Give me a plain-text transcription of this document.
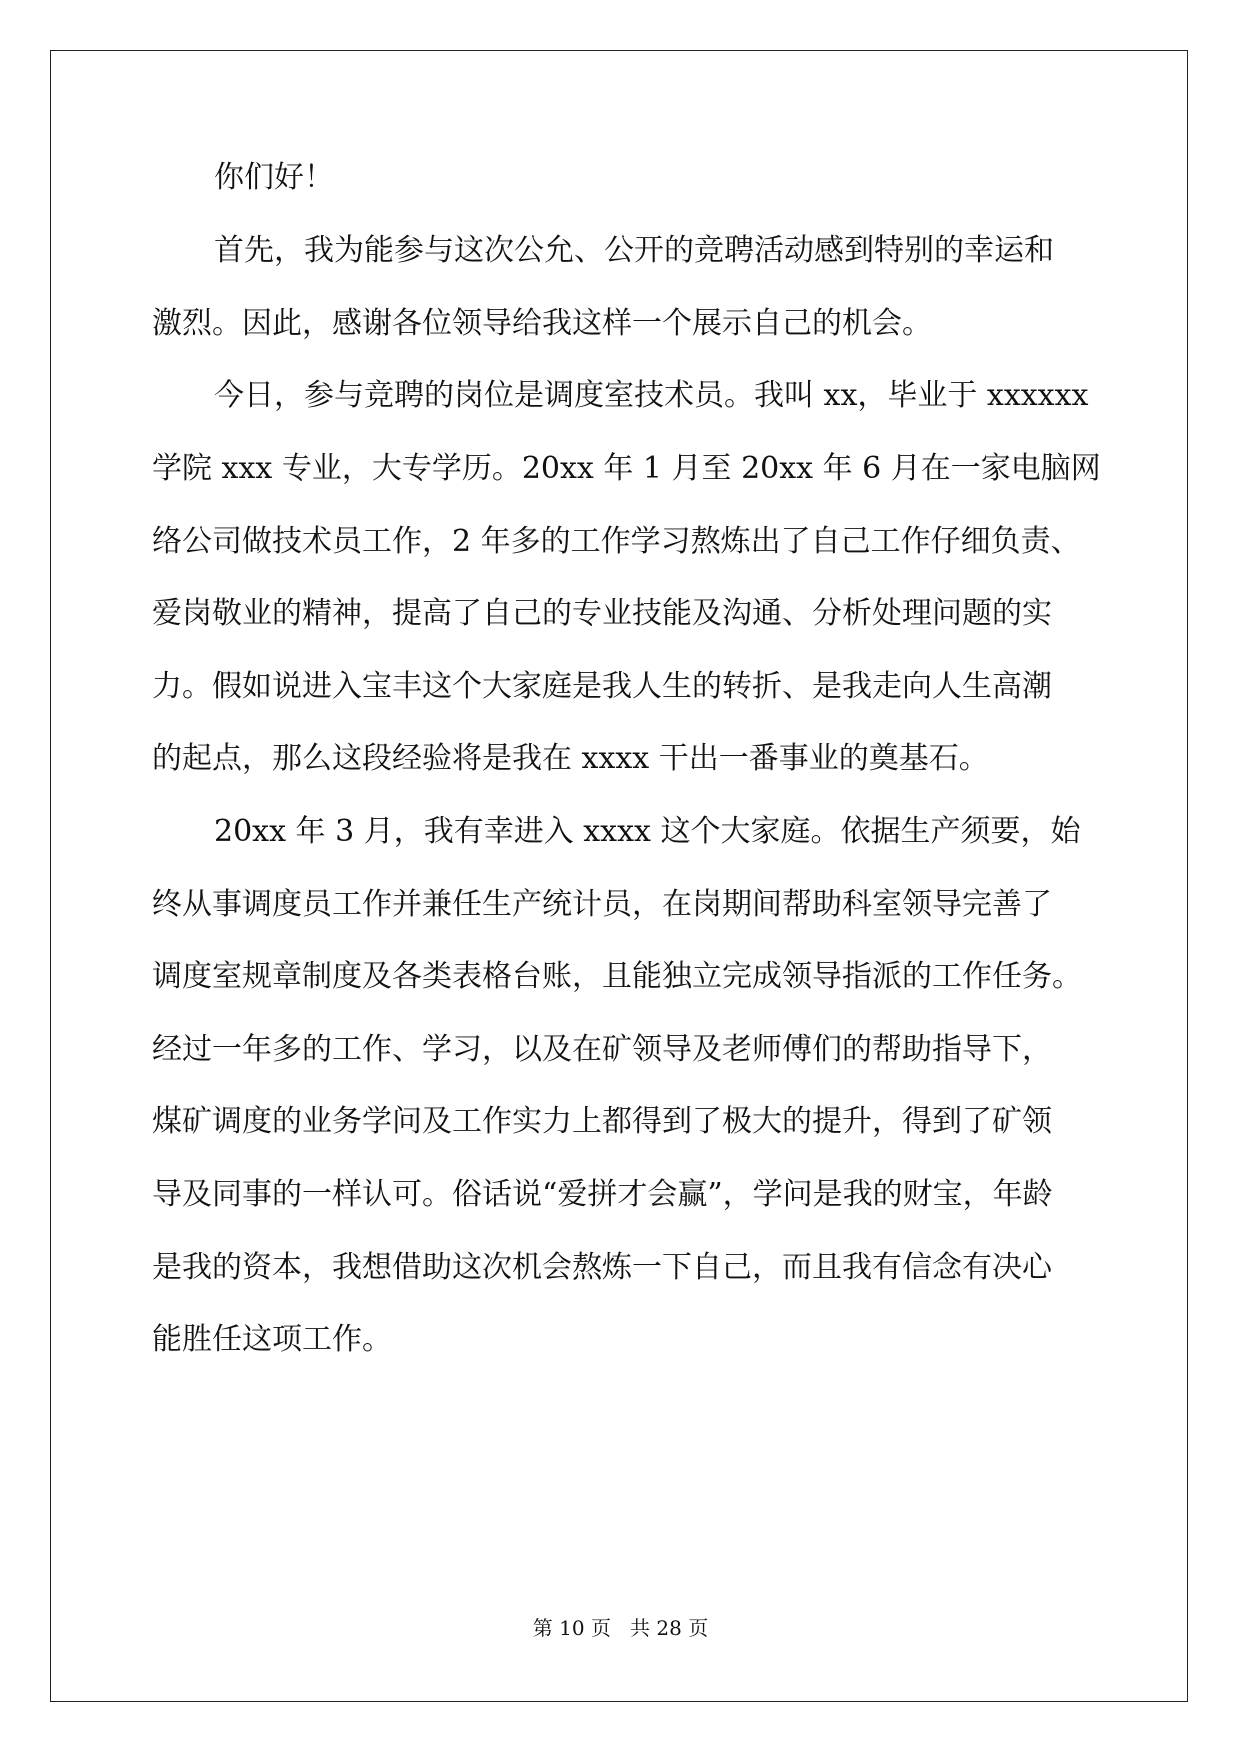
你们好！
首先，我为能参与这次公允、公开的竞聘活动感到特别的幸运和
激烈。因此，感谢各位领导给我这样一个展示自己的机会。
今日，参与竞聘的岗位是调度室技术员。我叫 xx，毕业于 xxxxxx
学院 xxx 专业，大专学历。20xx 年 1 月至 20xx 年 6 月在一家电脑网
络公司做技术员工作，2 年多的工作学习熬炼出了自己工作仔细负责、
爱岗敬业的精神，提高了自己的专业技能及沟通、分析处理问题的实
力。假如说进入宝丰这个大家庭是我人生的转折、是我走向人生高潮
的起点，那么这段经验将是我在 xxxx 干出一番事业的奠基石。
20xx 年 3 月，我有幸进入 xxxx 这个大家庭。依据生产须要，始
终从事调度员工作并兼任生产统计员，在岗期间帮助科室领导完善了
调度室规章制度及各类表格台账，且能独立完成领导指派的工作任务。
经过一年多的工作、学习，以及在矿领导及老师傅们的帮助指导下，
煤矿调度的业务学问及工作实力上都得到了极大的提升，得到了矿领
导及同事的一样认可。俗话说“爱拼才会赢”，学问是我的财宝，年龄
是我的资本，我想借助这次机会熬炼一下自己，而且我有信念有决心
能胜任这项工作。
第 10 页   共 28 页
